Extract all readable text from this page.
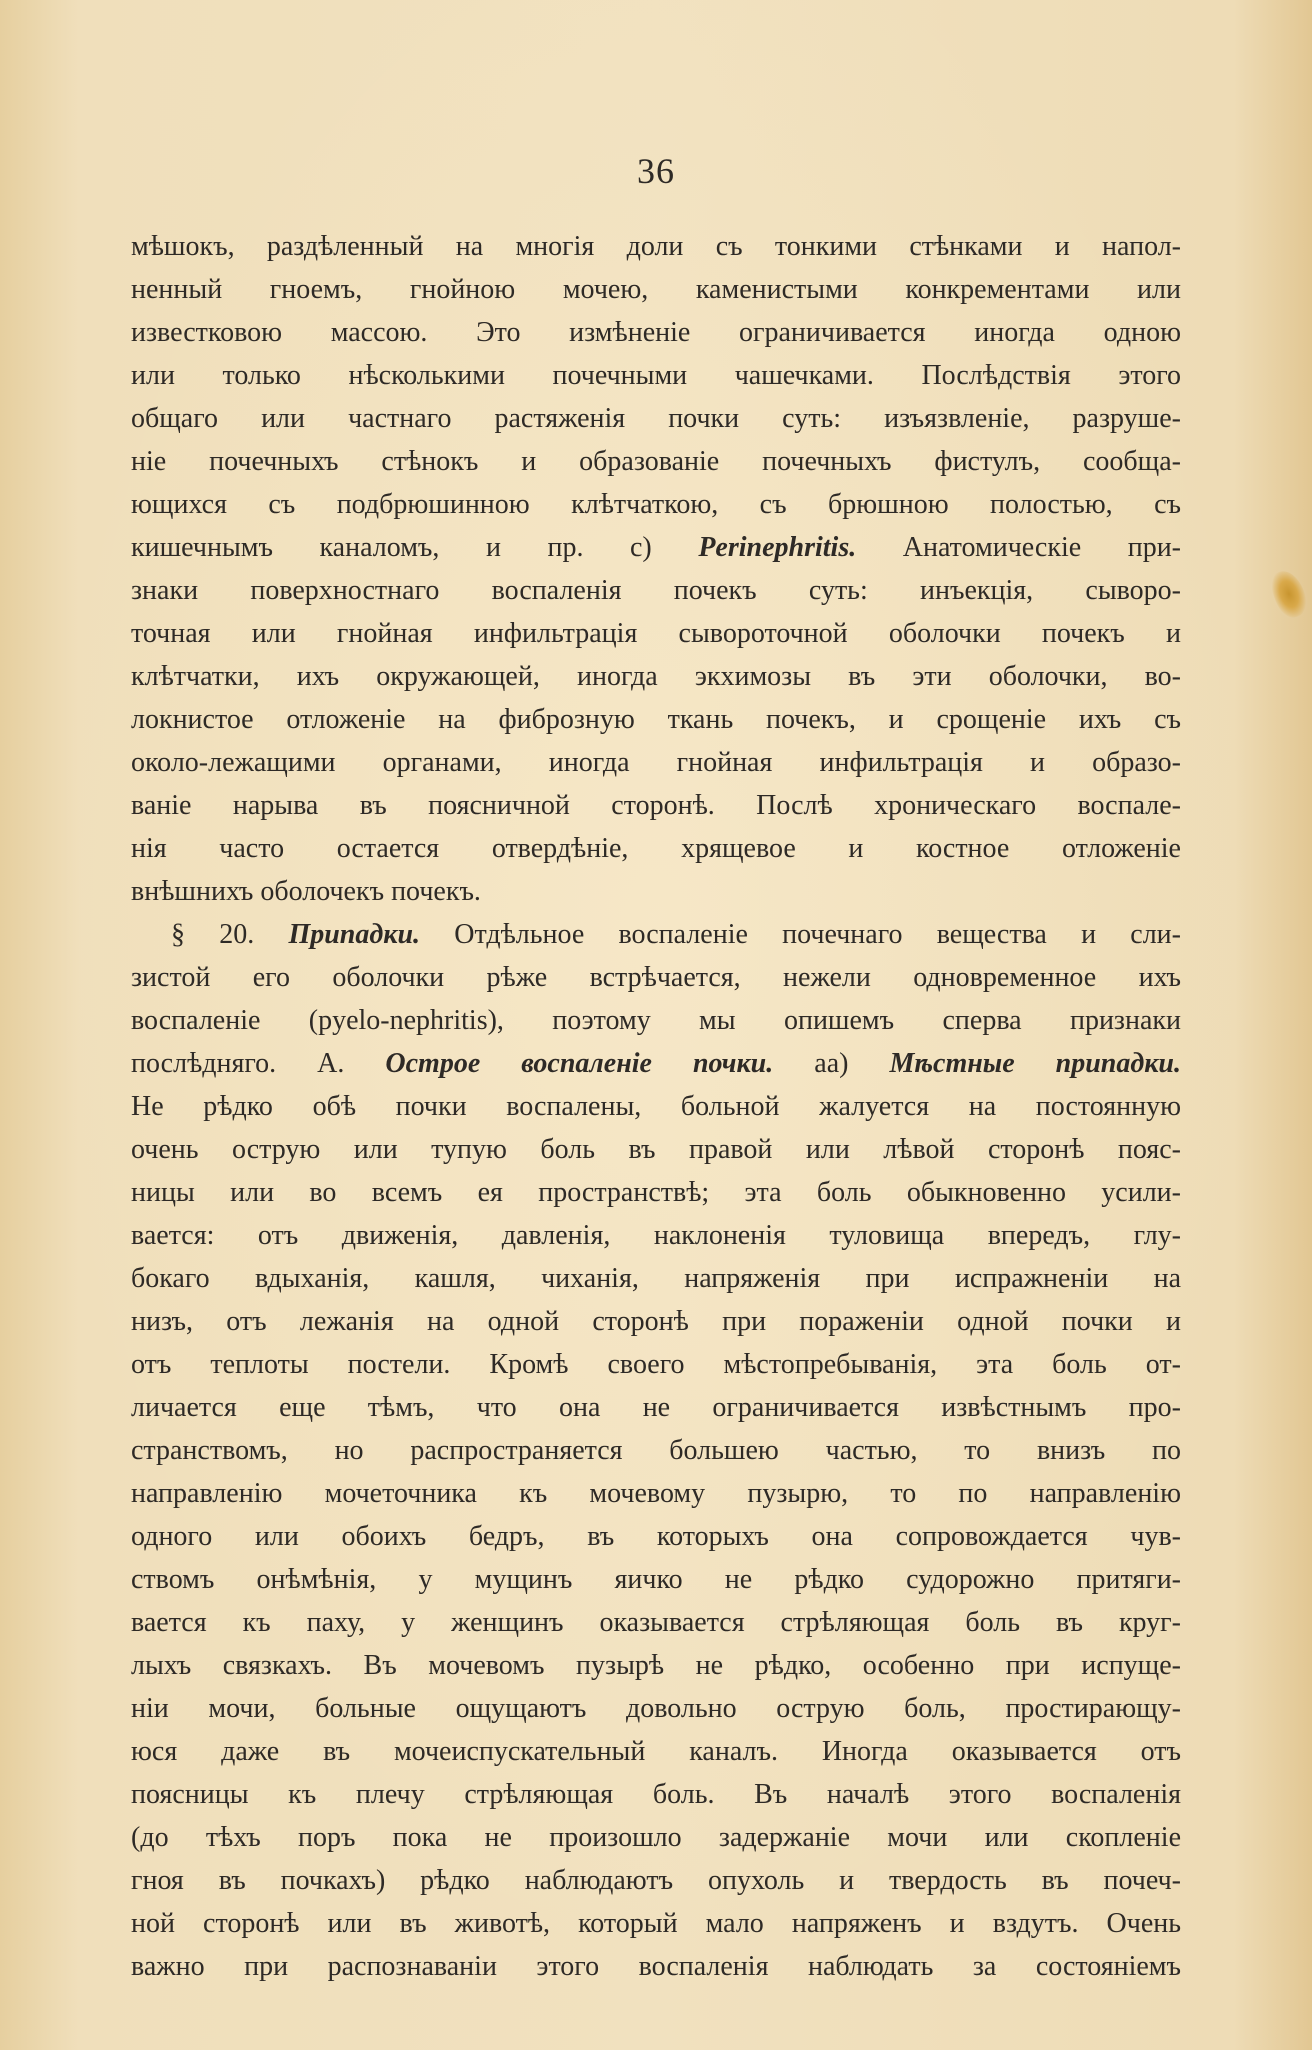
36
мѣшокъ, раздѣленный на многія доли съ тонкими стѣнками и напол-
ненный гноемъ, гнойною мочею, каменистыми конкрементами или
известковою массою. Это измѣненіе ограничивается иногда одною
или только нѣсколькими почечными чашечками. Послѣдствія этого
общаго или частнаго растяженія почки суть: изъязвленіе, разруше-
ніе почечныхъ стѣнокъ и образованіе почечныхъ фистулъ, сообща-
ющихся съ подбрюшинною клѣтчаткою, съ брюшною полостью, съ
кишечнымъ каналомъ, и пр. с) Perinephritis. Анатомическіе при-
знаки поверхностнаго воспаленія почекъ суть: инъекція, сыворо-
точная или гнойная инфильтрація сывороточной оболочки почекъ и
клѣтчатки, ихъ окружающей, иногда экхимозы въ эти оболочки, во-
локнистое отложеніе на фиброзную ткань почекъ, и срощеніе ихъ съ
около-лежащими органами, иногда гнойная инфильтрація и образо-
ваніе нарыва въ поясничной сторонѣ. Послѣ хроническаго воспале-
нія часто остается отвердѣніе, хрящевое и костное отложеніе
внѣшнихъ оболочекъ почекъ.
§ 20. Припадки. Отдѣльное воспаленіе почечнаго вещества и сли-
зистой его оболочки рѣже встрѣчается, нежели одновременное ихъ
воспаленіе (pyelo-nephritis), поэтому мы опишемъ сперва признаки
послѣдняго. А. Острое воспаленіе почки. аа) Мѣстные припадки.
Не рѣдко обѣ почки воспалены, больной жалуется на постоянную
очень острую или тупую боль въ правой или лѣвой сторонѣ пояс-
ницы или во всемъ ея пространствѣ; эта боль обыкновенно усили-
вается: отъ движенія, давленія, наклоненія туловища впередъ, глу-
бокаго вдыханія, кашля, чиханія, напряженія при испражненіи на
низъ, отъ лежанія на одной сторонѣ при пораженіи одной почки и
отъ теплоты постели. Кромѣ своего мѣстопребыванія, эта боль от-
личается еще тѣмъ, что она не ограничивается извѣстнымъ про-
странствомъ, но распространяется большею частью, то внизъ по
направленію мочеточника къ мочевому пузырю, то по направленію
одного или обоихъ бедръ, въ которыхъ она сопровождается чув-
ствомъ онѣмѣнія, у мущинъ яичко не рѣдко судорожно притяги-
вается къ паху, у женщинъ оказывается стрѣляющая боль въ круг-
лыхъ связкахъ. Въ мочевомъ пузырѣ не рѣдко, особенно при испуще-
ніи мочи, больные ощущаютъ довольно острую боль, простирающу-
юся даже въ мочеиспускательный каналъ. Иногда оказывается отъ
поясницы къ плечу стрѣляющая боль. Въ началѣ этого воспаленія
(до тѣхъ поръ пока не произошло задержаніе мочи или скопленіе
гноя въ почкахъ) рѣдко наблюдаютъ опухоль и твердость въ почеч-
ной сторонѣ или въ животѣ, который мало напряженъ и вздутъ. Очень
важно при распознаваніи этого воспаленія наблюдать за состояніемъ
